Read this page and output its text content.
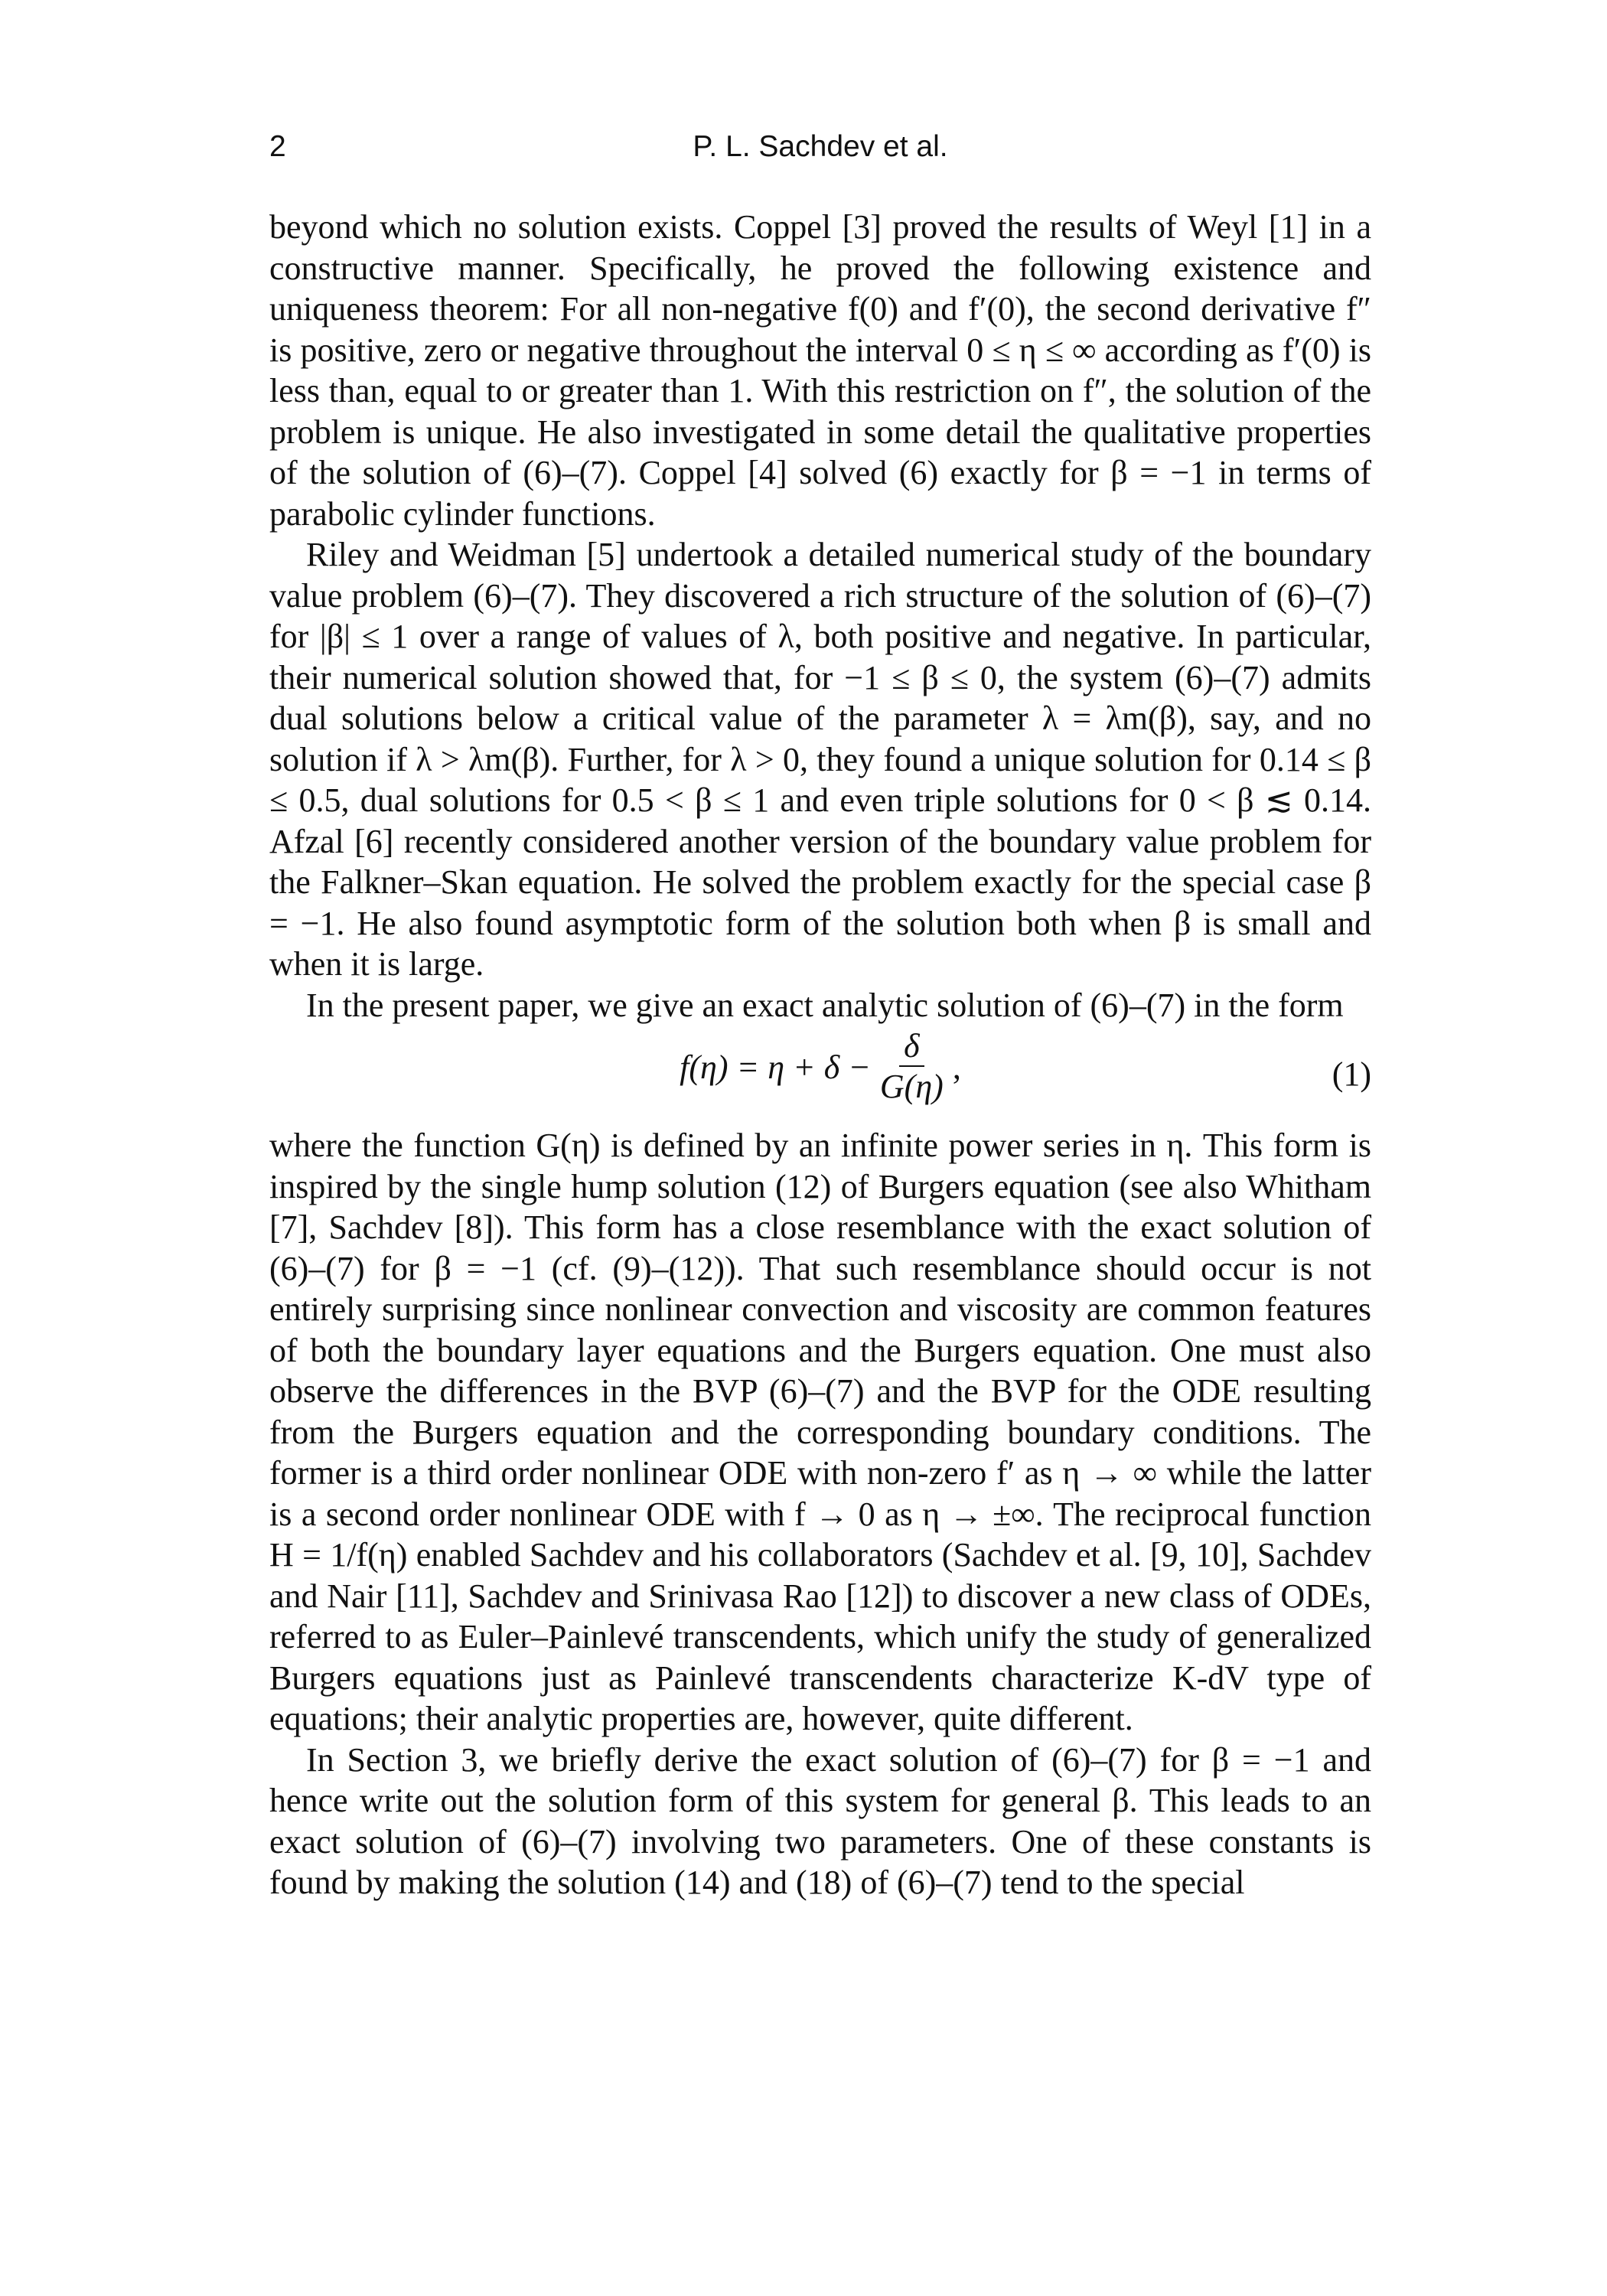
2	P. L. Sachdev et al.

beyond which no solution exists. Coppel [3] proved the results of Weyl [1] in a constructive manner. Specifically, he proved the following existence and uniqueness theorem: For all non-negative f(0) and f′(0), the second derivative f″ is positive, zero or negative throughout the interval 0 ≤ η ≤ ∞ according as f′(0) is less than, equal to or greater than 1. With this restriction on f″, the solution of the problem is unique. He also investigated in some detail the qualitative properties of the solution of (6)–(7). Coppel [4] solved (6) exactly for β = −1 in terms of parabolic cylinder functions.

Riley and Weidman [5] undertook a detailed numerical study of the boundary value problem (6)–(7). They discovered a rich structure of the solution of (6)–(7) for |β| ≤ 1 over a range of values of λ, both positive and negative. In particular, their numerical solution showed that, for −1 ≤ β ≤ 0, the system (6)–(7) admits dual solutions below a critical value of the parameter λ = λm(β), say, and no solution if λ > λm(β). Further, for λ > 0, they found a unique solution for 0.14 ≤ β ≤ 0.5, dual solutions for 0.5 < β ≤ 1 and even triple solutions for 0 < β ≲ 0.14. Afzal [6] recently considered another version of the boundary value problem for the Falkner–Skan equation. He solved the problem exactly for the special case β = −1. He also found asymptotic form of the solution both when β is small and when it is large.

In the present paper, we give an exact analytic solution of (6)–(7) in the form

$f(\eta) = \eta + \delta - \frac{\delta}{G(\eta)}$ ,	(1)

where the function G(η) is defined by an infinite power series in η. This form is inspired by the single hump solution (12) of Burgers equation (see also Whitham [7], Sachdev [8]). This form has a close resemblance with the exact solution of (6)–(7) for β = −1 (cf. (9)–(12)). That such resemblance should occur is not entirely surprising since nonlinear convection and viscosity are common features of both the boundary layer equations and the Burgers equation. One must also observe the differences in the BVP (6)–(7) and the BVP for the ODE resulting from the Burgers equation and the corresponding boundary conditions. The former is a third order nonlinear ODE with non-zero f′ as η → ∞ while the latter is a second order nonlinear ODE with f → 0 as η → ±∞. The reciprocal function H = 1/f(η) enabled Sachdev and his collaborators (Sachdev et al. [9, 10], Sachdev and Nair [11], Sachdev and Srinivasa Rao [12]) to discover a new class of ODEs, referred to as Euler–Painlevé transcendents, which unify the study of generalized Burgers equations just as Painlevé transcendents characterize K-dV type of equations; their analytic properties are, however, quite different.

In Section 3, we briefly derive the exact solution of (6)–(7) for β = −1 and hence write out the solution form of this system for general β. This leads to an exact solution of (6)–(7) involving two parameters. One of these constants is found by making the solution (14) and (18) of (6)–(7) tend to the special
